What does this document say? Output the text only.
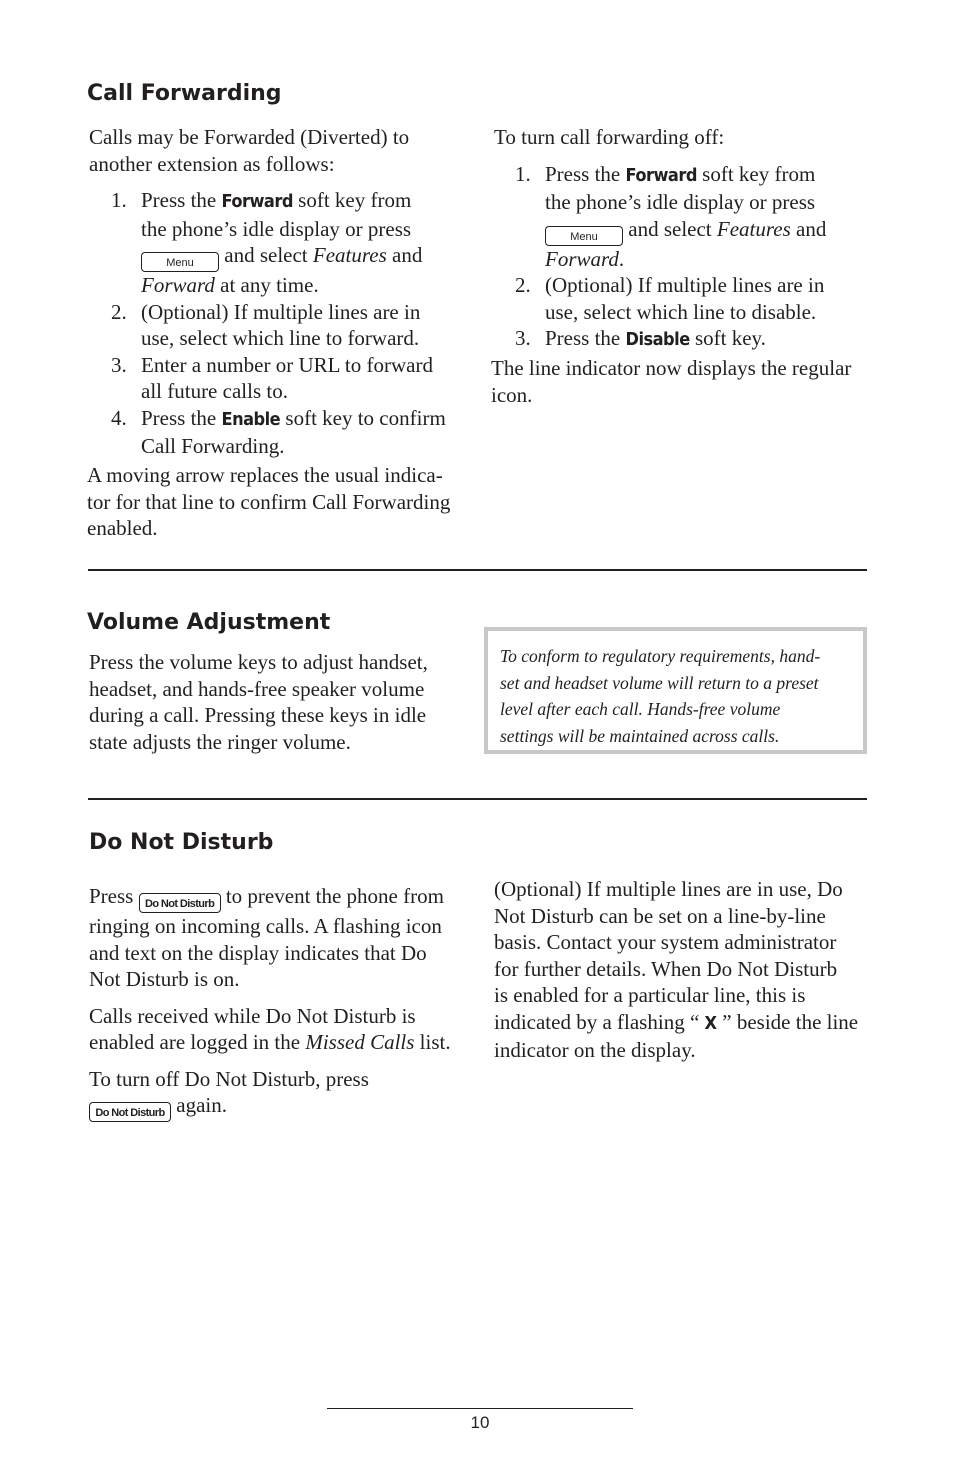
Call Forwarding

Calls may be Forwarded (Diverted) to
another extension as follows:

1. Press the Forward soft key from
the phone’s idle display or press
Menu and select Features and
Forward at any time.
2. (Optional) If multiple lines are in
use, select which line to forward.
3. Enter a number or URL to forward
all future calls to.
4. Press the Enable soft key to confirm
Call Forwarding.
A moving arrow replaces the usual indica-
tor for that line to confirm Call Forwarding
enabled.

To turn call forwarding off:

1. Press the Forward soft key from
the phone’s idle display or press
Menu and select Features and
Forward.
2. (Optional) If multiple lines are in
use, select which line to disable.
3. Press the Disable soft key.
The line indicator now displays the regular
icon.
Volume Adjustment
Press the volume keys to adjust handset,
headset, and hands-free speaker volume
during a call. Pressing these keys in idle
state adjusts the ringer volume.
To conform to regulatory requirements, hand-
set and headset volume will return to a preset
level after each call. Hands-free volume
settings will be maintained across calls.
Do Not Disturb

Press Do Not Disturb to prevent the phone from
ringing on incoming calls. A flashing icon
and text on the display indicates that Do
Not Disturb is on.

Calls received while Do Not Disturb is
enabled are logged in the Missed Calls list.

To turn off Do Not Disturb, press
Do Not Disturb again.

(Optional) If multiple lines are in use, Do
Not Disturb can be set on a line-by-line
basis. Contact your system administrator
for further details. When Do Not Disturb
is enabled for a particular line, this is
indicated by a flashing “ X ” beside the line
indicator on the display.
10
